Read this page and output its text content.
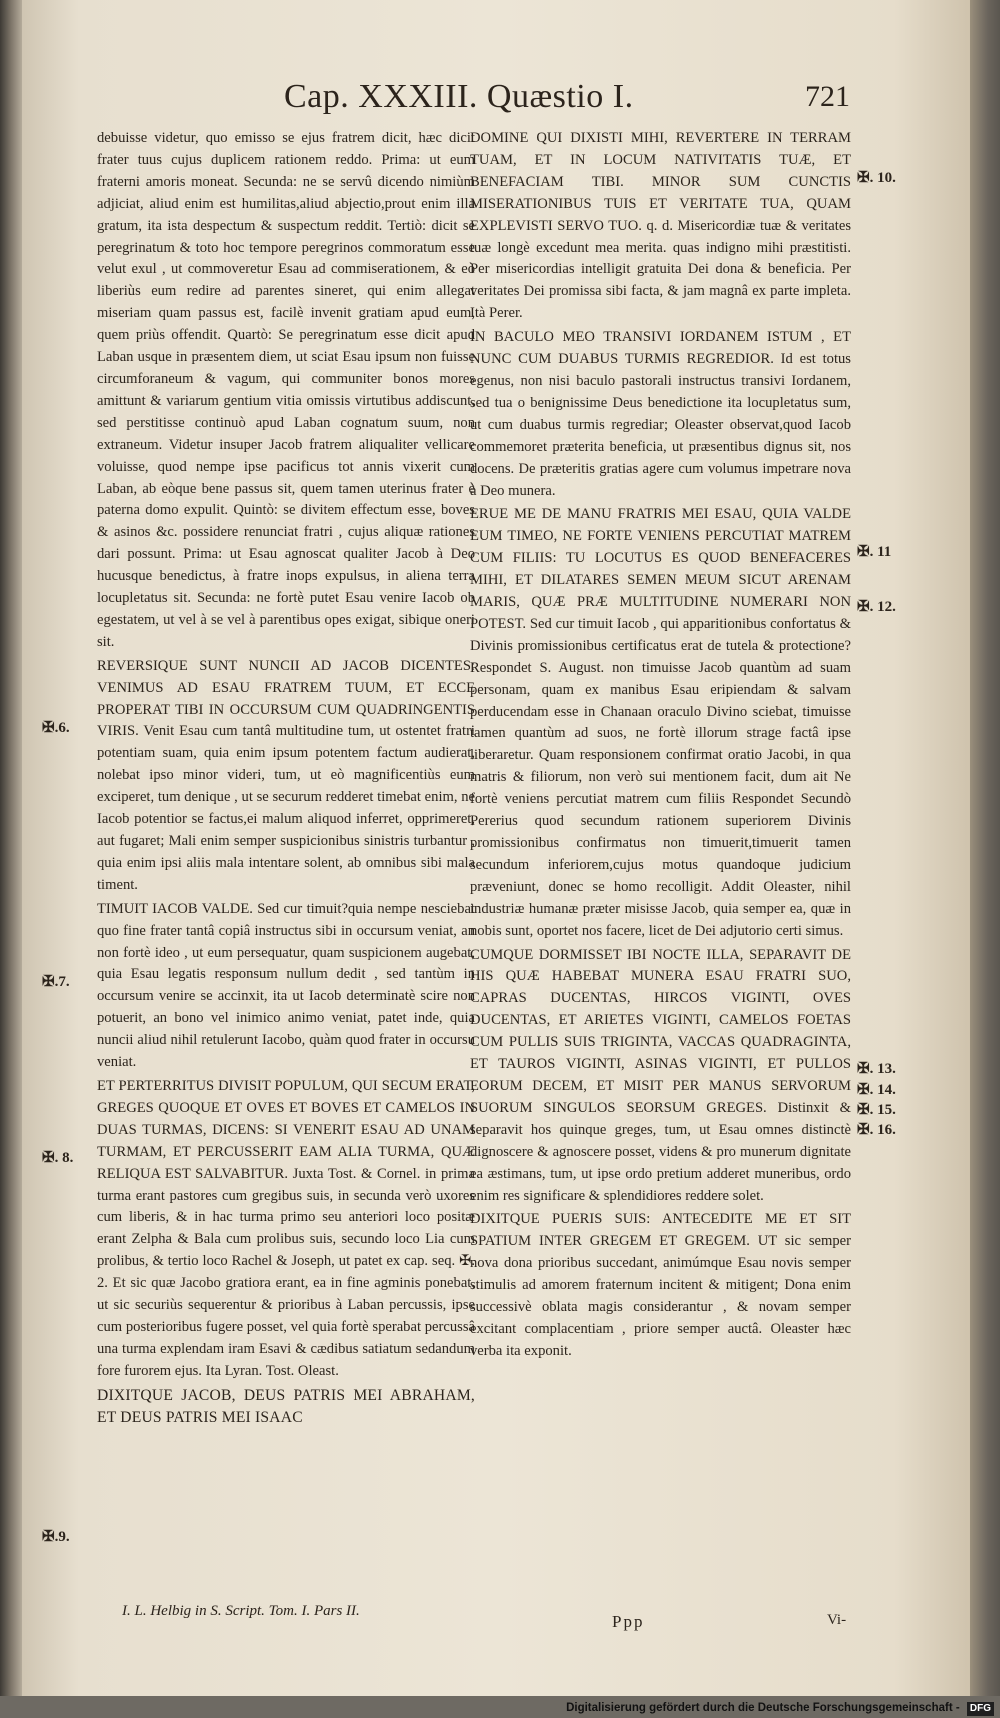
Cap. XXXIII. Quæstio I.	721

debuisse videtur, quo emisso se ejus fratrem dicit, hæc dicit frater tuus cujus duplicem rationem reddo. Prima: ut eum fraterni amoris moneat. Secunda: ne se servû dicendo nimiùm adjiciat, aliud enim est humilitas,aliud abjectio,prout enim illa gratum, ita ista despectum & suspectum reddit. Tertiò: dicit se peregrinatum & toto hoc tempore peregrinos commoratum esse velut exul , ut commoveretur Esau ad commiserationem, & eò liberiùs eum redire ad parentes sineret, qui enim allegat miseriam quam passus est, facilè invenit gratiam apud eum, quem priùs offendit. Quartò: Se peregrinatum esse dicit apud Laban usque in præsentem diem, ut sciat Esau ipsum non fuisse circumforaneum & vagum, qui communiter bonos mores amittunt & variarum gentium vitia omissis virtutibus addiscunt, sed perstitisse continuò apud Laban cognatum suum, non extraneum. Videtur insuper Jacob fratrem aliqualiter vellicare voluisse, quod nempe ipse pacificus tot annis vixerit cum Laban, ab eòque bene passus sit, quem tamen uterinus frater è paterna domo expulit. Quintò: se divitem effectum esse, boves & asinos &c. possidere renunciat fratri , cujus aliquæ rationes dari possunt. Prima: ut Esau agnoscat qualiter Jacob à Deo hucusque benedictus, à fratre inops expulsus, in aliena terra locupletatus sit. Secunda: ne fortè putet Esau venire Iacob ob egestatem, ut vel à se vel à parentibus opes exigat, sibique oneri sit.

REVERSIQUE SUNT NUNCII AD JACOB DICENTES: VENIMUS AD ESAU FRATREM TUUM, ET ECCE PROPERAT TIBI IN OCCURSUM CUM QUADRINGENTIS VIRIS. Venit Esau cum tantâ multitudine tum, ut ostentet fratri potentiam suam, quia enim ipsum potentem factum audierat, nolebat ipso minor videri, tum, ut eò magnificentiùs eum exciperet, tum denique , ut se securum redderet timebat enim, ne Iacob potentior se factus,ei malum aliquod inferret, opprimeret, aut fugaret; Mali enim semper suspicionibus sinistris turbantur , quia enim ipsi aliis mala intentare solent, ab omnibus sibi mala timent.

TIMUIT IACOB VALDE. Sed cur timuit?quia nempe nesciebat quo fine frater tantâ copiâ instructus sibi in occursum veniat, an non fortè ideo , ut eum persequatur, quam suspicionem augebat, quia Esau legatis responsum nullum dedit , sed tantùm in occursum venire se accinxit, ita ut Iacob determinatè scire non potuerit, an bono vel inimico animo veniat, patet inde, quia nuncii aliud nihil retulerunt Iacobo, quàm quod frater in occursu veniat.

ET PERTERRITUS DIVISIT POPULUM, QUI SECUM ERAT, GREGES QUOQUE ET OVES ET BOVES ET CAMELOS IN DUAS TURMAS, DICENS: SI VENERIT ESAU AD UNAM TURMAM, ET PERCUSSERIT EAM ALIA TURMA, QUÆ RELIQUA EST SALVABITUR. Juxta Tost. & Cornel. in prima turma erant pastores cum gregibus suis, in secunda verò uxores cum liberis, & in hac turma primo seu anteriori loco positæ erant Zelpha & Bala cum prolibus suis, secundo loco Lia cum prolibus, & tertio loco Rachel & Joseph, ut patet ex cap. seq. ✠. 2. Et sic quæ Jacobo gratiora erant, ea in fine agminis ponebat, ut sic securiùs sequerentur & prioribus à Laban percussis, ipse cum posterioribus fugere posset, vel quia fortè sperabat percussâ una turma explendam iram Esavi & cædibus satiatum sedandum fore furorem ejus. Ita Lyran. Tost. Oleast.

DIXITQUE JACOB, DEUS PATRIS MEI ABRAHAM, ET DEUS PATRIS MEI ISAAC

DOMINE QUI DIXISTI MIHI, REVERTERE IN TERRAM TUAM, ET IN LOCUM NATIVITATIS TUÆ, ET BENEFACIAM TIBI. MINOR SUM CUNCTIS MISERATIONIBUS TUIS ET VERITATE TUA, QUAM EXPLEVISTI SERVO TUO. q. d. Misericordiæ tuæ & veritates tuæ longè excedunt mea merita. quas indigno mihi præstitisti. Per misericordias intelligit gratuita Dei dona & beneficia. Per veritates Dei promissa sibi facta, & jam magnâ ex parte impleta. Ità Perer.

IN BACULO MEO TRANSIVI IORDANEM ISTUM , ET NUNC CUM DUABUS TURMIS REGREDIOR. Id est totus egenus, non nisi baculo pastorali instructus transivi Iordanem, sed tua o benignissime Deus benedictione ita locupletatus sum, ut cum duabus turmis regrediar; Oleaster observat,quod Iacob commemoret præterita beneficia, ut præsentibus dignus sit, nos docens. De præteritis gratias agere cum volumus impetrare nova à Deo munera.

ERUE ME DE MANU FRATRIS MEI ESAU, QUIA VALDE EUM TIMEO, NE FORTE VENIENS PERCUTIAT MATREM CUM FILIIS: TU LOCUTUS ES QUOD BENEFACERES MIHI, ET DILATARES SEMEN MEUM SICUT ARENAM MARIS, QUÆ PRÆ MULTITUDINE NUMERARI NON POTEST. Sed cur timuit Iacob , qui apparitionibus confortatus & Divinis promissionibus certificatus erat de tutela & protectione? Respondet S. August. non timuisse Jacob quantùm ad suam personam, quam ex manibus Esau eripiendam & salvam perducendam esse in Chanaan oraculo Divino sciebat, timuisse tamen quantùm ad suos, ne fortè illorum strage factâ ipse liberaretur. Quam responsionem confirmat oratio Jacobi, in qua matris & filiorum, non verò sui mentionem facit, dum ait Ne fortè veniens percutiat matrem cum filiis Respondet Secundò Pererius quod secundum rationem superiorem Divinis promissionibus confirmatus non timuerit,timuerit tamen secundum inferiorem,cujus motus quandoque judicium præveniunt, donec se homo recolligit. Addit Oleaster, nihil industriæ humanæ præter misisse Jacob, quia semper ea, quæ in nobis sunt, oportet nos facere, licet de Dei adjutorio certi simus.

CUMQUE DORMISSET IBI NOCTE ILLA, SEPARAVIT DE HIS QUÆ HABEBAT MUNERA ESAU FRATRI SUO, CAPRAS DUCENTAS, HIRCOS VIGINTI, OVES DUCENTAS, ET ARIETES VIGINTI, CAMELOS FOETAS CUM PULLIS SUIS TRIGINTA, VACCAS QUADRAGINTA, ET TAUROS VIGINTI, ASINAS VIGINTI, ET PULLOS EORUM DECEM, ET MISIT PER MANUS SERVORUM SUORUM SINGULOS SEORSUM GREGES. Distinxit & separavit hos quinque greges, tum, ut Esau omnes distinctè dignoscere & agnoscere posset, videns & pro munerum dignitate ea æstimans, tum, ut ipse ordo pretium adderet muneribus, ordo enim res significare & splendidiores reddere solet.

DIXITQUE PUERIS SUIS: ANTECEDITE ME ET SIT SPATIUM INTER GREGEM ET GREGEM. UT sic semper nova dona prioribus succedant, animúmque Esau novis semper stimulis ad amorem fraternum incitent & mitigent; Dona enim successivè oblata magis considerantur , & novam semper excitant complacentiam , priore semper auctâ. Oleaster hæc verba ita exponit.

✠.6.
✠.7.
✠. 8.
✠.9.
✠. 10.
✠. 11
✠. 12.
✠. 13.
✠. 14.
✠. 15.
✠. 16.
I. L. Helbig in S. Script. Tom. I. Pars II.
Ppp	Vi-
Digitalisierung gefördert durch die Deutsche Forschungsgemeinschaft - DFG
